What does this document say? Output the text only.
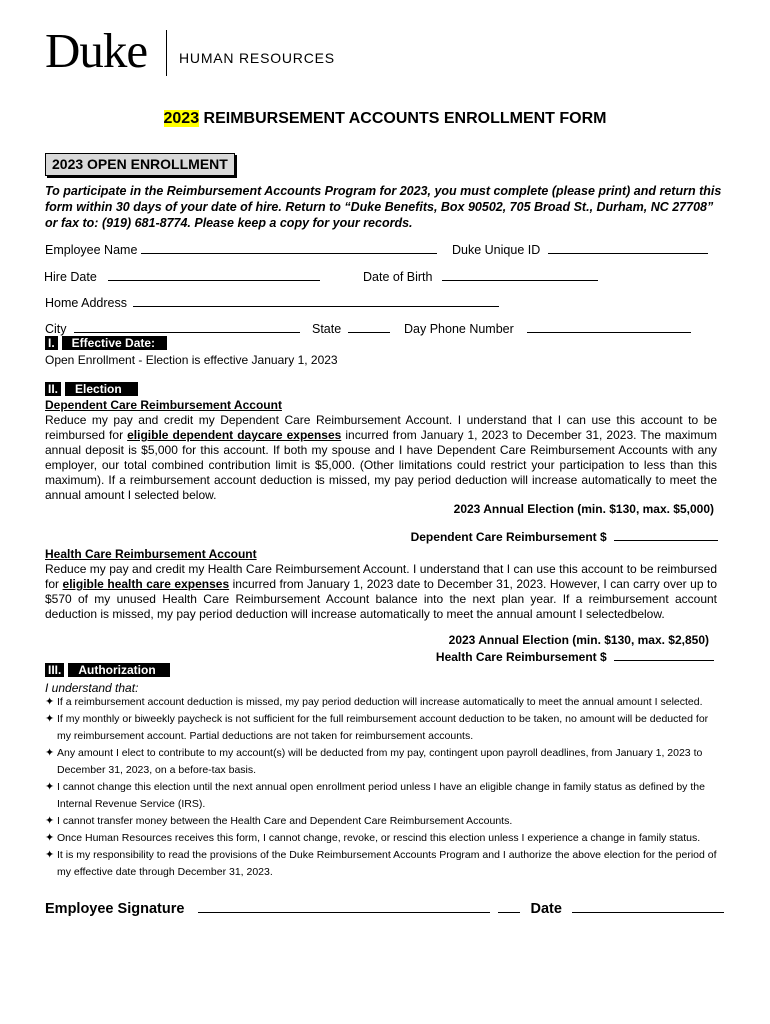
Duke HUMAN RESOURCES
2023 REIMBURSEMENT ACCOUNTS ENROLLMENT FORM
2023 OPEN ENROLLMENT
To participate in the Reimbursement Accounts Program for 2023, you must complete (please print) and return this form within 30 days of your date of hire. Return to “Duke Benefits, Box 90502, 705 Broad St., Durham, NC 27708” or fax to: (919) 681-8774. Please keep a copy for your records.
Employee Name	Duke Unique ID
Hire Date	Date of Birth
Home Address
City	State	Day Phone Number
I.	Effective Date:
Open Enrollment - Election is effective January 1, 2023
II.	Election
Dependent Care Reimbursement Account
Reduce my pay and credit my Dependent Care Reimbursement Account. I understand that I can use this account to be reimbursed for eligible dependent daycare expenses incurred from January 1, 2023 to December 31, 2023. The maximum annual deposit is $5,000 for this account. If both my spouse and I have Dependent Care Reimbursement Accounts with any employer, our total combined contribution limit is $5,000. (Other limitations could restrict your participation to less than this maximum). If a reimbursement account deduction is missed, my pay period deduction will increase automatically to meet the annual amount I selected below.
2023 Annual Election (min. $130, max. $5,000)
Dependent Care Reimbursement $
Health Care Reimbursement Account
Reduce my pay and credit my Health Care Reimbursement Account. I understand that I can use this account to be reimbursed for eligible health care expenses incurred from January 1, 2023 date to December 31, 2023. However, I can carry over up to $570 of my unused Health Care Reimbursement Account balance into the next plan year. If a reimbursement account deduction is missed, my pay period deduction will increase automatically to meet the annual amount I selectedbelow.
2023 Annual Election (min. $130, max. $2,850)
Health Care Reimbursement $
III.	Authorization
I understand that:
✦ If a reimbursement account deduction is missed, my pay period deduction will increase automatically to meet the annual amount I selected.
✦ If my monthly or biweekly paycheck is not sufficient for the full reimbursement account deduction to be taken, no amount will be deducted for my reimbursement account. Partial deductions are not taken for reimbursement accounts.
✦ Any amount I elect to contribute to my account(s) will be deducted from my pay, contingent upon payroll deadlines, from January 1, 2023 to December 31, 2023, on a before-tax basis.
✦ I cannot change this election until the next annual open enrollment period unless I have an eligible change in family status as defined by the Internal Revenue Service (IRS).
✦ I cannot transfer money between the Health Care and Dependent Care Reimbursement Accounts.
✦ Once Human Resources receives this form, I cannot change, revoke, or rescind this election unless I experience a change in family status.
✦ It is my responsibility to read the provisions of the Duke Reimbursement Accounts Program and I authorize the above election for the period of my effective date through December 31, 2023.
Employee Signature	Date
